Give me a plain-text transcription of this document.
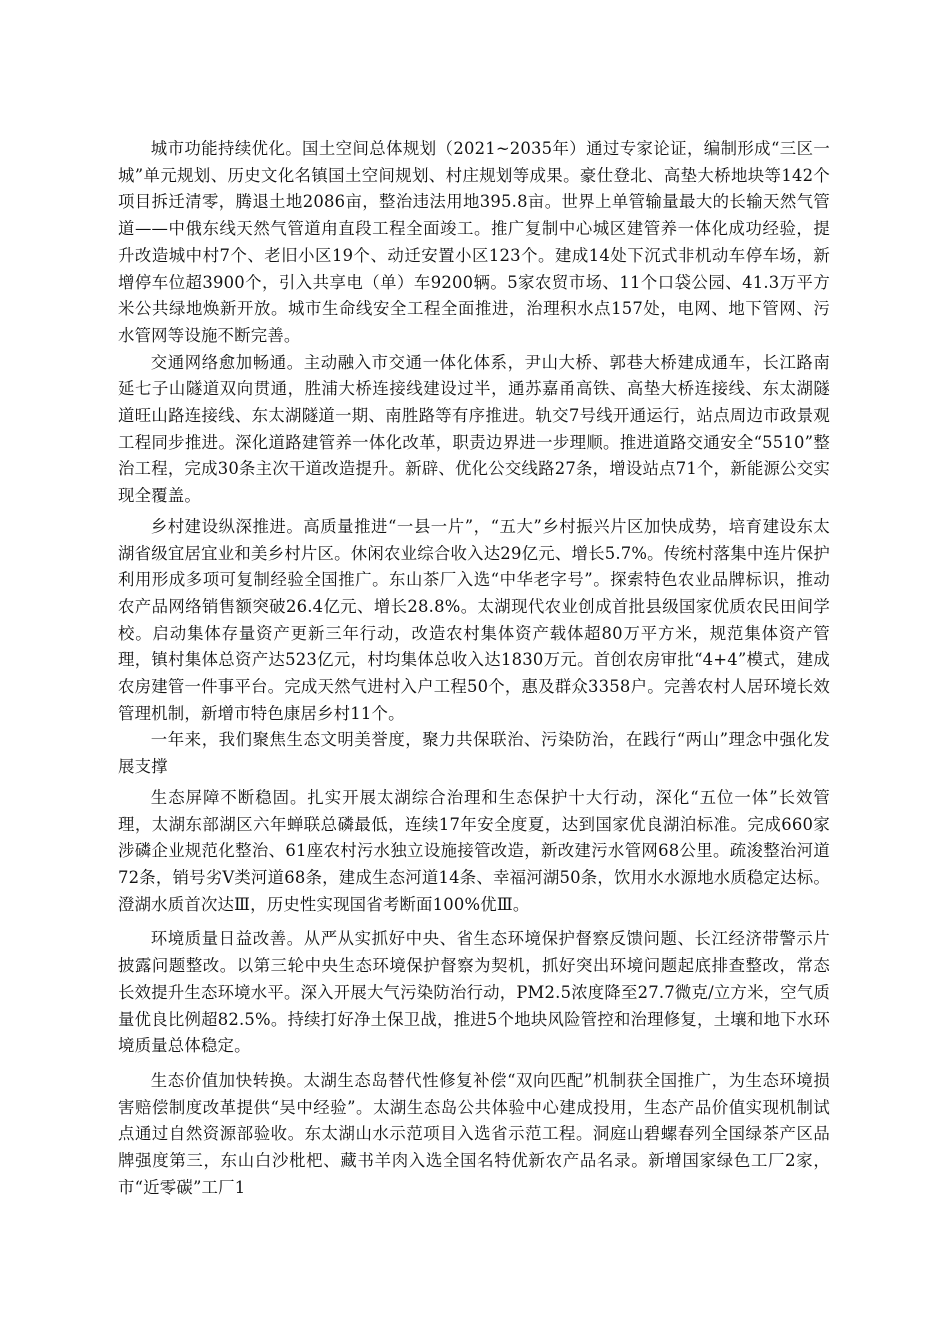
城市功能持续优化。国土空间总体规划（2021~2035年）通过专家论证，编制形成“三区一城”单元规划、历史文化名镇国土空间规划、村庄规划等成果。豪仕登北、高垫大桥地块等142个项目拆迁清零，腾退土地2086亩，整治违法用地395.8亩。世界上单管输量最大的长输天然气管道——中俄东线天然气管道甪直段工程全面竣工。推广复制中心城区建管养一体化成功经验，提升改造城中村7个、老旧小区19个、动迁安置小区123个。建成14处下沉式非机动车停车场，新增停车位超3900个，引入共享电（单）车9200辆。5家农贸市场、11个口袋公园、41.3万平方米公共绿地焕新开放。城市生命线安全工程全面推进，治理积水点157处，电网、地下管网、污水管网等设施不断完善。

交通网络愈加畅通。主动融入市交通一体化体系，尹山大桥、郭巷大桥建成通车，长江路南延七子山隧道双向贯通，胜浦大桥连接线建设过半，通苏嘉甬高铁、高垫大桥连接线、东太湖隧道旺山路连接线、东太湖隧道一期、南胜路等有序推进。轨交7号线开通运行，站点周边市政景观工程同步推进。深化道路建管养一体化改革，职责边界进一步理顺。推进道路交通安全“5510”整治工程，完成30条主次干道改造提升。新辟、优化公交线路27条，增设站点71个，新能源公交实现全覆盖。

乡村建设纵深推进。高质量推进“一县一片”，“五大”乡村振兴片区加快成势，培育建设东太湖省级宜居宜业和美乡村片区。休闲农业综合收入达29亿元、增长5.7%。传统村落集中连片保护利用形成多项可复制经验全国推广。东山茶厂入选“中华老字号”。探索特色农业品牌标识，推动农产品网络销售额突破26.4亿元、增长28.8%。太湖现代农业创成首批县级国家优质农民田间学校。启动集体存量资产更新三年行动，改造农村集体资产载体超80万平方米，规范集体资产管理，镇村集体总资产达523亿元，村均集体总收入达1830万元。首创农房审批“4+4”模式，建成农房建管一件事平台。完成天然气进村入户工程50个，惠及群众3358户。完善农村人居环境长效管理机制，新增市特色康居乡村11个。

一年来，我们聚焦生态文明美誉度，聚力共保联治、污染防治，在践行“两山”理念中强化发展支撑

生态屏障不断稳固。扎实开展太湖综合治理和生态保护十大行动，深化“五位一体”长效管理，太湖东部湖区六年蝉联总磷最低，连续17年安全度夏，达到国家优良湖泊标准。完成660家涉磷企业规范化整治、61座农村污水独立设施接管改造，新改建污水管网68公里。疏浚整治河道72条，销号劣Ⅴ类河道68条，建成生态河道14条、幸福河湖50条，饮用水水源地水质稳定达标。澄湖水质首次达Ⅲ，历史性实现国省考断面100%优Ⅲ。

环境质量日益改善。从严从实抓好中央、省生态环境保护督察反馈问题、长江经济带警示片披露问题整改。以第三轮中央生态环境保护督察为契机，抓好突出环境问题起底排查整改，常态长效提升生态环境水平。深入开展大气污染防治行动，PM2.5浓度降至27.7微克/立方米，空气质量优良比例超82.5%。持续打好净土保卫战，推进5个地块风险管控和治理修复，土壤和地下水环境质量总体稳定。

生态价值加快转换。太湖生态岛替代性修复补偿“双向匹配”机制获全国推广，为生态环境损害赔偿制度改革提供“吴中经验”。太湖生态岛公共体验中心建成投用，生态产品价值实现机制试点通过自然资源部验收。东太湖山水示范项目入选省示范工程。洞庭山碧螺春列全国绿茶产区品牌强度第三，东山白沙枇杷、藏书羊肉入选全国名特优新农产品名录。新增国家绿色工厂2家，市“近零碳”工厂1
